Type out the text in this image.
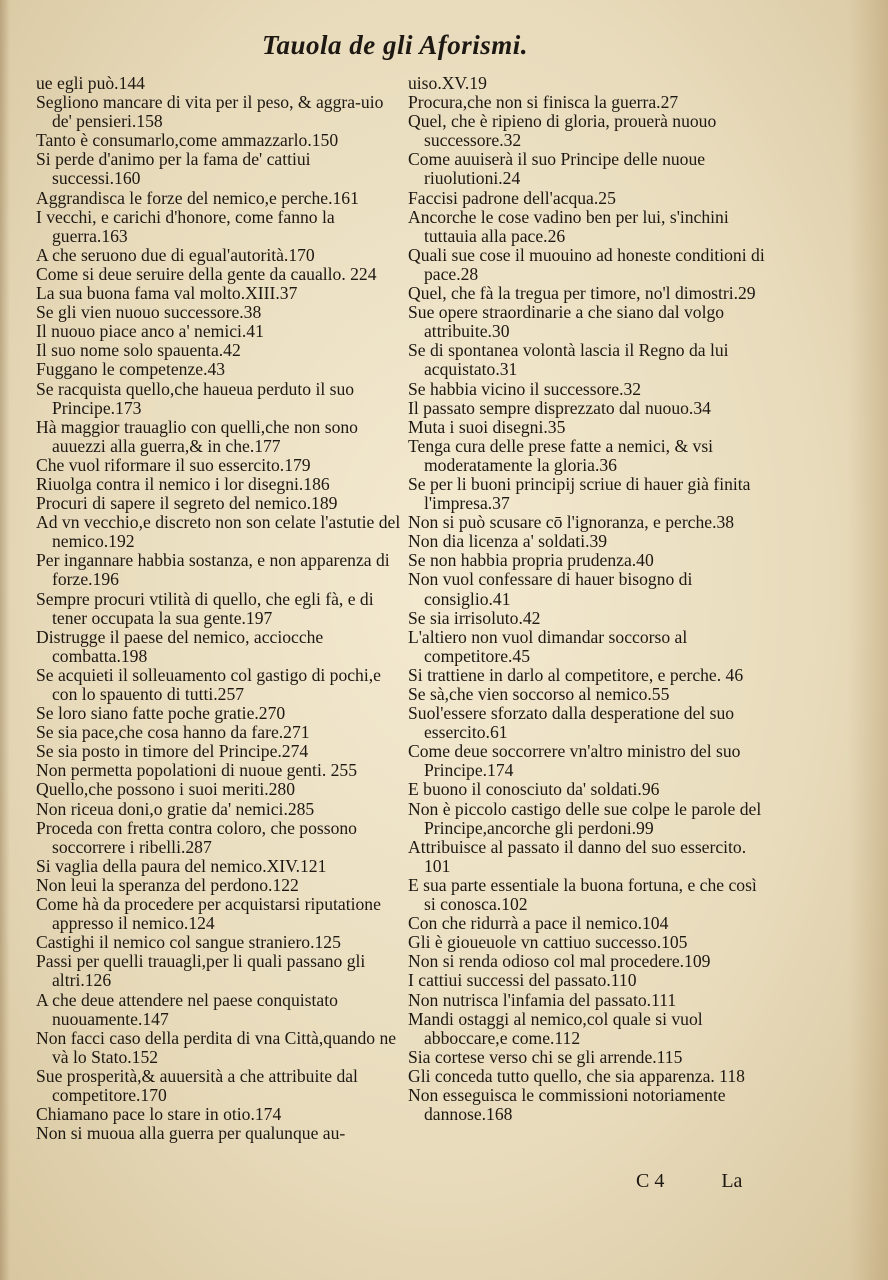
Tauola de gli Aforismi.

ue egli può.144

Segliono mancare di vita per il peso, & aggra-uio de' pensieri.158

Tanto è consumarlo,come ammazzarlo.150

Si perde d'animo per la fama de' cattiui successi.160

Aggrandisca le forze del nemico,e perche.161

I vecchi, e carichi d'honore, come fanno la guerra.163

A che seruono due di egual'autorità.170

Come si deue seruire della gente da cauallo. 224

La sua buona fama val molto.XIII.37

Se gli vien nuouo successore.38

Il nuouo piace anco a' nemici.41

Il suo nome solo spauenta.42

Fuggano le competenze.43

Se racquista quello,che haueua perduto il suo Principe.173

Hà maggior trauaglio con quelli,che non sono auuezzi alla guerra,& in che.177

Che vuol riformare il suo essercito.179

Riuolga contra il nemico i lor disegni.186

Procuri di sapere il segreto del nemico.189

Ad vn vecchio,e discreto non son celate l'astutie del nemico.192

Per ingannare habbia sostanza, e non apparenza di forze.196

Sempre procuri vtilità di quello, che egli fà, e di tener occupata la sua gente.197

Distrugge il paese del nemico, acciocche combatta.198

Se acquieti il solleuamento col gastigo di pochi,e con lo spauento di tutti.257

Se loro siano fatte poche gratie.270

Se sia pace,che cosa hanno da fare.271

Se sia posto in timore del Principe.274

Non permetta popolationi di nuoue genti. 255

Quello,che possono i suoi meriti.280

Non riceua doni,o gratie da' nemici.285

Proceda con fretta contra coloro, che possono soccorrere i ribelli.287

Si vaglia della paura del nemico.XIV.121

Non leui la speranza del perdono.122

Come hà da procedere per acquistarsi riputatione appresso il nemico.124

Castighi il nemico col sangue straniero.125

Passi per quelli trauagli,per li quali passano gli altri.126

A che deue attendere nel paese conquistato nuouamente.147

Non facci caso della perdita di vna Città,quando ne và lo Stato.152

Sue prosperità,& auuersità a che attribuite dal competitore.170

Chiamano pace lo stare in otio.174

Non si muoua alla guerra per qualunque au-

uiso.XV.19

Procura,che non si finisca la guerra.27

Quel, che è ripieno di gloria, prouerà nuouo successore.32

Come auuiserà il suo Principe delle nuoue riuolutioni.24

Faccisi padrone dell'acqua.25

Ancorche le cose vadino ben per lui, s'inchini tuttauia alla pace.26

Quali sue cose il muouino ad honeste conditioni di pace.28

Quel, che fà la tregua per timore, no'l dimostri.29

Sue opere straordinarie a che siano dal volgo attribuite.30

Se di spontanea volontà lascia il Regno da lui acquistato.31

Se habbia vicino il successore.32

Il passato sempre disprezzato dal nuouo.34

Muta i suoi disegni.35

Tenga cura delle prese fatte a nemici, & vsi moderatamente la gloria.36

Se per li buoni principij scriue di hauer già finita l'impresa.37

Non si può scusare cō l'ignoranza, e perche.38

Non dia licenza a' soldati.39

Se non habbia propria prudenza.40

Non vuol confessare di hauer bisogno di consiglio.41

Se sia irrisoluto.42

L'altiero non vuol dimandar soccorso al competitore.45

Si trattiene in darlo al competitore, e perche. 46

Se sà,che vien soccorso al nemico.55

Suol'essere sforzato dalla desperatione del suo essercito.61

Come deue soccorrere vn'altro ministro del suo Principe.174

E buono il conosciuto da' soldati.96

Non è piccolo castigo delle sue colpe le parole del Principe,ancorche gli perdoni.99

Attribuisce al passato il danno del suo essercito. 101

E sua parte essentiale la buona fortuna, e che così si conosca.102

Con che ridurrà a pace il nemico.104

Gli è gioueuole vn cattiuo successo.105

Non si renda odioso col mal procedere.109

I cattiui successi del passato.110

Non nutrisca l'infamia del passato.111

Mandi ostaggi al nemico,col quale si vuol abboccare,e come.112

Sia cortese verso chi se gli arrende.115

Gli conceda tutto quello, che sia apparenza. 118

Non esseguisca le commissioni notoriamente dannose.168

C 4	La
